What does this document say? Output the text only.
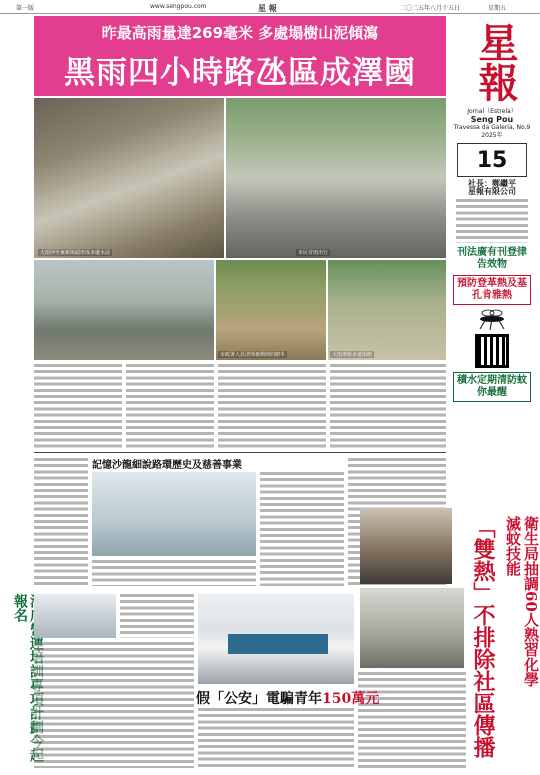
第一版	www.sengpou.com	星 報	二〇二五年八月十五日	星期五
昨最高雨量達269毫米 多處塌樹山泥傾瀉
黑雨四小時路氹區成澤國	星報
Jornal（Estrela）
Seng Pou
Travessa da Galeria, No.9
2025年
15
社長：鄭繼平
星報有限公司
刊法廣有刊登律告效物
預防登革熱及基孔肯雅熱
積水定期清防蚊你最醒
大雨沖至東新街頭形成多處水浸	市民冒雨出行
市政署人員清理被衝倒的樹木	大雨導致多處塌樹
記憶沙龍細說路環歷史及慈善事業
衛生局抽調60人熟習化學滅蚊技能
「雙熱」不排除社區傳播
報名
假「公安」電騙青年150萬元
